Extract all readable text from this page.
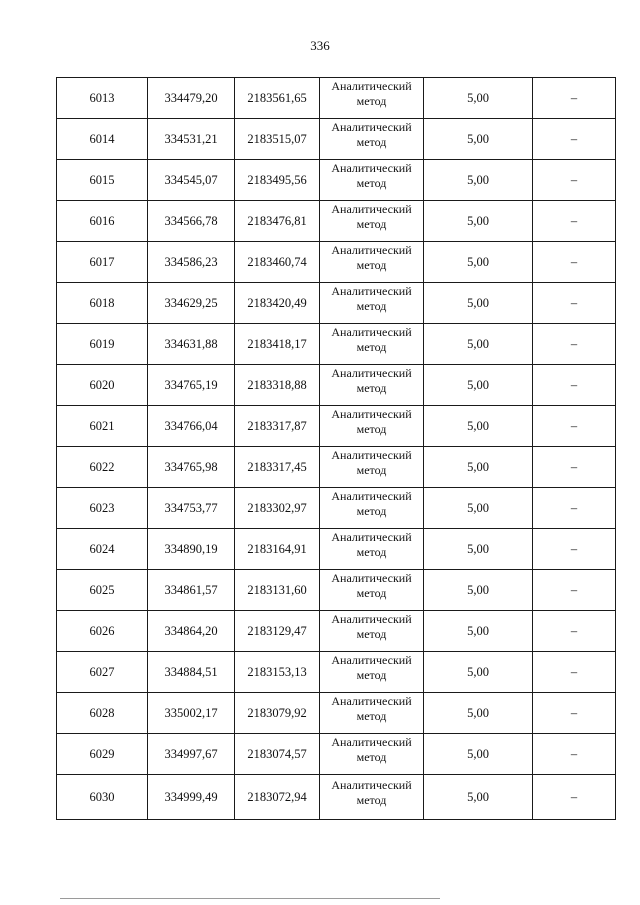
336
6013	334479,20	2183561,65	Аналитический
метод	5,00	–
6014	334531,21	2183515,07	Аналитический
метод	5,00	–
6015	334545,07	2183495,56	Аналитический
метод	5,00	–
6016	334566,78	2183476,81	Аналитический
метод	5,00	–
6017	334586,23	2183460,74	Аналитический
метод	5,00	–
6018	334629,25	2183420,49	Аналитический
метод	5,00	–
6019	334631,88	2183418,17	Аналитический
метод	5,00	–
6020	334765,19	2183318,88	Аналитический
метод	5,00	–
6021	334766,04	2183317,87	Аналитический
метод	5,00	–
6022	334765,98	2183317,45	Аналитический
метод	5,00	–
6023	334753,77	2183302,97	Аналитический
метод	5,00	–
6024	334890,19	2183164,91	Аналитический
метод	5,00	–
6025	334861,57	2183131,60	Аналитический
метод	5,00	–
6026	334864,20	2183129,47	Аналитический
метод	5,00	–
6027	334884,51	2183153,13	Аналитический
метод	5,00	–
6028	335002,17	2183079,92	Аналитический
метод	5,00	–
6029	334997,67	2183074,57	Аналитический
метод	5,00	–
6030	334999,49	2183072,94	Аналитический
метод	5,00	–
